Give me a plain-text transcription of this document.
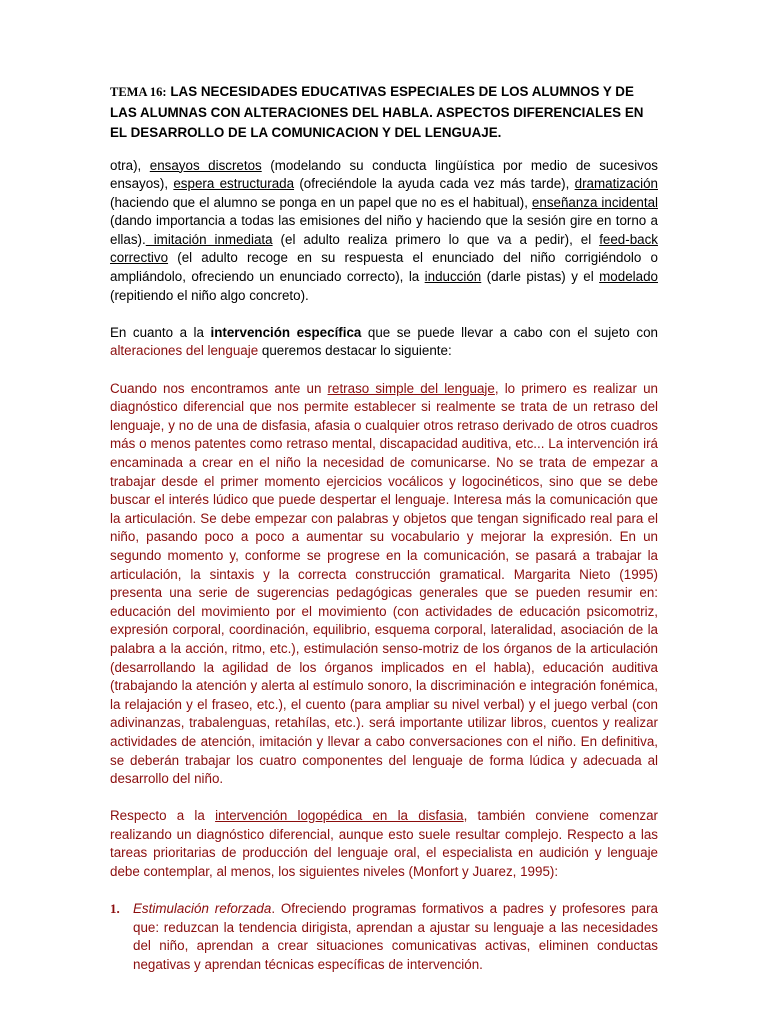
TEMA 16: LAS NECESIDADES EDUCATIVAS ESPECIALES DE LOS ALUMNOS Y DE LAS ALUMNAS CON ALTERACIONES DEL HABLA. ASPECTOS DIFERENCIALES EN EL DESARROLLO DE LA COMUNICACION Y DEL LENGUAJE.

otra), ensayos discretos (modelando su conducta lingüística por medio de sucesivos ensayos), espera estructurada (ofreciéndole la ayuda cada vez más tarde), dramatización (haciendo que el alumno se ponga en un papel que no es el habitual), enseñanza incidental (dando importancia a todas las emisiones del niño y haciendo que la sesión gire en torno a ellas). imitación inmediata (el adulto realiza primero lo que va a pedir), el feed-back correctivo (el adulto recoge en su respuesta el enunciado del niño corrigiéndolo o ampliándolo, ofreciendo un enunciado correcto), la inducción (darle pistas) y el modelado (repitiendo el niño algo concreto).

En cuanto a la intervención específica que se puede llevar a cabo con el sujeto con alteraciones del lenguaje queremos destacar lo siguiente:

Cuando nos encontramos ante un retraso simple del lenguaje, lo primero es realizar un diagnóstico diferencial que nos permite establecer si realmente se trata de un retraso del lenguaje, y no de una de disfasia, afasia o cualquier otros retraso derivado de otros cuadros más o menos patentes como retraso mental, discapacidad auditiva, etc... La intervención irá encaminada a crear en el niño la necesidad de comunicarse. No se trata de empezar a trabajar desde el primer momento ejercicios vocálicos y logocinéticos, sino que se debe buscar el interés lúdico que puede despertar el lenguaje. Interesa más la comunicación que la articulación. Se debe empezar con palabras y objetos que tengan significado real para el niño, pasando poco a poco a aumentar su vocabulario y mejorar la expresión. En un segundo momento y, conforme se progrese en la comunicación, se pasará a trabajar la articulación, la sintaxis y la correcta construcción gramatical. Margarita Nieto (1995) presenta una serie de sugerencias pedagógicas generales que se pueden resumir en: educación del movimiento por el movimiento (con actividades de educación psicomotriz, expresión corporal, coordinación, equilibrio, esquema corporal, lateralidad, asociación de la palabra a la acción, ritmo, etc.), estimulación senso-motriz de los órganos de la articulación (desarrollando la agilidad de los órganos implicados en el habla), educación auditiva (trabajando la atención y alerta al estímulo sonoro, la discriminación e integración fonémica, la relajación y el fraseo, etc.), el cuento (para ampliar su nivel verbal) y el juego verbal (con adivinanzas, trabalenguas, retahílas, etc.). será importante utilizar libros, cuentos y realizar actividades de atención, imitación y llevar a cabo conversaciones con el niño. En definitiva, se deberán trabajar los cuatro componentes del lenguaje de forma lúdica y adecuada al desarrollo del niño.

Respecto a la intervención logopédica en la disfasia, también conviene comenzar realizando un diagnóstico diferencial, aunque esto suele resultar complejo. Respecto a las tareas prioritarias de producción del lenguaje oral, el especialista en audición y lenguaje debe contemplar, al menos, los siguientes niveles (Monfort y Juarez, 1995):

1. Estimulación reforzada. Ofreciendo programas formativos a padres y profesores para que: reduzcan la tendencia dirigista, aprendan a ajustar su lenguaje a las necesidades del niño, aprendan a crear situaciones comunicativas activas, eliminen conductas negativas y aprendan técnicas específicas de intervención.
